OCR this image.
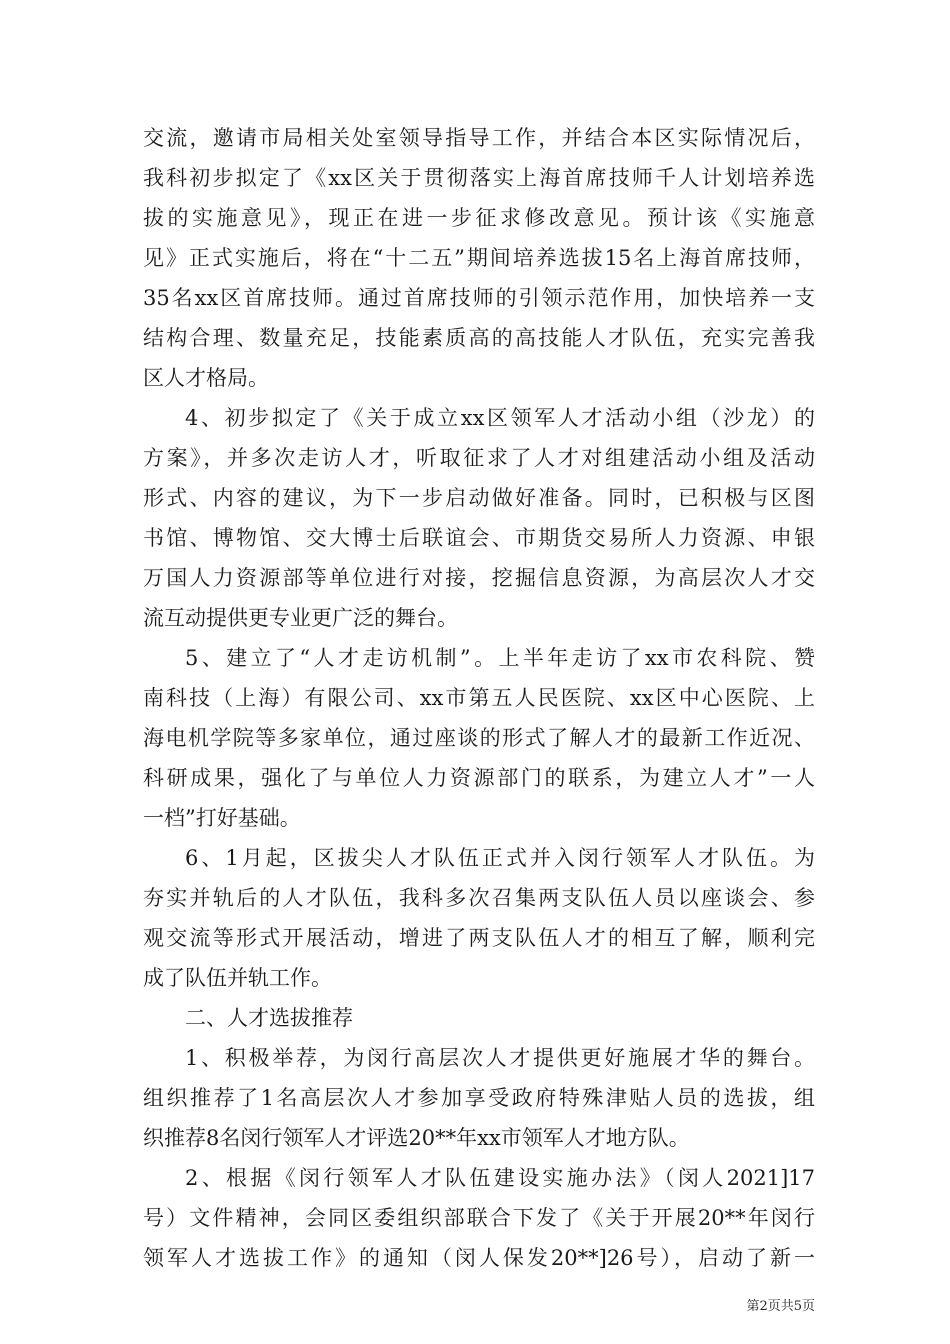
交流，邀请市局相关处室领导指导工作，并结合本区实际情况后，
我科初步拟定了《xx区关于贯彻落实上海首席技师千人计划培养选
拔的实施意见》，现正在进一步征求修改意见。预计该《实施意
见》正式实施后，将在“十二五”期间培养选拔15名上海首席技师，
35名xx区首席技师。通过首席技师的引领示范作用，加快培养一支
结构合理、数量充足，技能素质高的高技能人才队伍，充实完善我
区人才格局。
4、初步拟定了《关于成立xx区领军人才活动小组（沙龙）的
方案》，并多次走访人才，听取征求了人才对组建活动小组及活动
形式、内容的建议，为下一步启动做好准备。同时，已积极与区图
书馆、博物馆、交大博士后联谊会、市期货交易所人力资源、申银
万国人力资源部等单位进行对接，挖掘信息资源，为高层次人才交
流互动提供更专业更广泛的舞台。
5、建立了“人才走访机制”。上半年走访了xx市农科院、赞
南科技（上海）有限公司、xx市第五人民医院、xx区中心医院、上
海电机学院等多家单位，通过座谈的形式了解人才的最新工作近况、
科研成果，强化了与单位人力资源部门的联系，为建立人才”一人
一档”打好基础。
6、1月起，区拔尖人才队伍正式并入闵行领军人才队伍。为
夯实并轨后的人才队伍，我科多次召集两支队伍人员以座谈会、参
观交流等形式开展活动，增进了两支队伍人才的相互了解，顺利完
成了队伍并轨工作。
二、人才选拔推荐
1、积极举荐，为闵行高层次人才提供更好施展才华的舞台。
组织推荐了1名高层次人才参加享受政府特殊津贴人员的选拔，组
织推荐8名闵行领军人才评选20**年xx市领军人才地方队。
2、根据《闵行领军人才队伍建设实施办法》（闵人2021]17
号）文件精神，会同区委组织部联合下发了《关于开展20**年闵行
领军人才选拔工作》的通知（闵人保发20**]26号），启动了新一
第2页共5页
